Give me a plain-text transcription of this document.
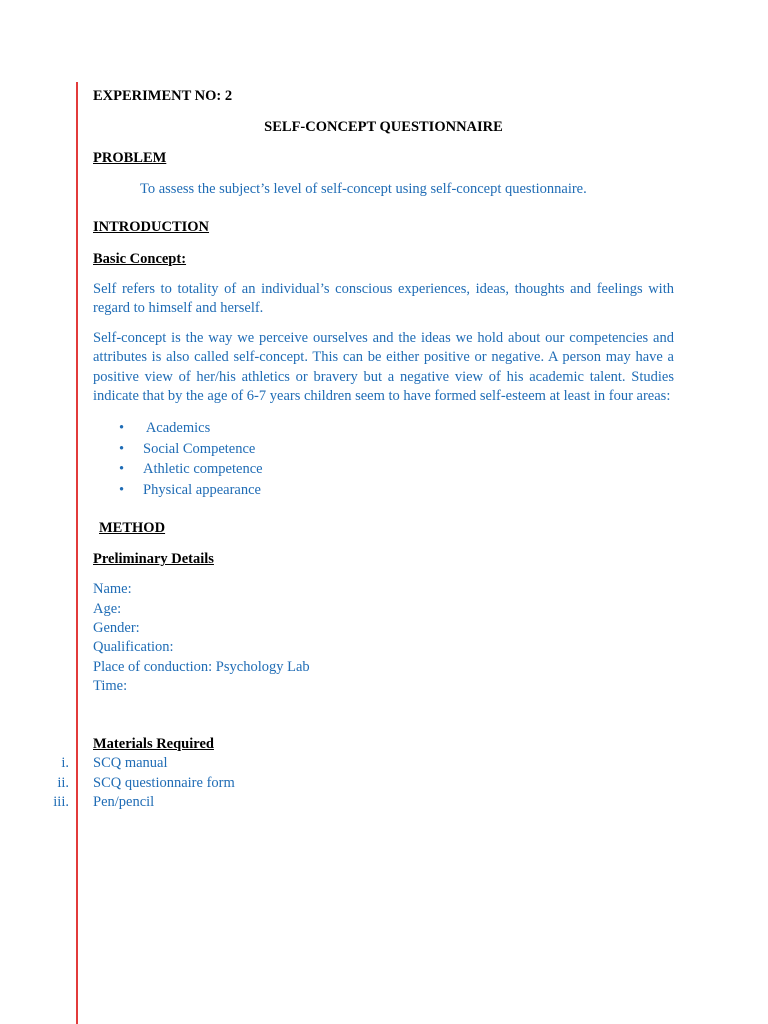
EXPERIMENT NO: 2

SELF-CONCEPT QUESTIONNAIRE

PROBLEM

To assess the subject’s level of self-concept using self-concept questionnaire.

INTRODUCTION

Basic Concept:

Self refers to totality of an individual’s conscious experiences, ideas, thoughts and feelings with regard to himself and herself.

Self-concept is the way we perceive ourselves and the ideas we hold about our competencies and attributes is also called self-concept. This can be either positive or negative. A person may have a positive view of her/his athletics or bravery but a negative view of his academic talent. Studies indicate that by the age of 6-7 years children seem to have formed self-esteem at least in four areas:

•  Academics
• Social Competence
• Athletic competence
• Physical appearance

METHOD

Preliminary Details

Name:
Age:
Gender:
Qualification:
Place of conduction: Psychology Lab
Time:

Materials Required

i. SCQ manual
ii. SCQ questionnaire form
iii. Pen/pencil
